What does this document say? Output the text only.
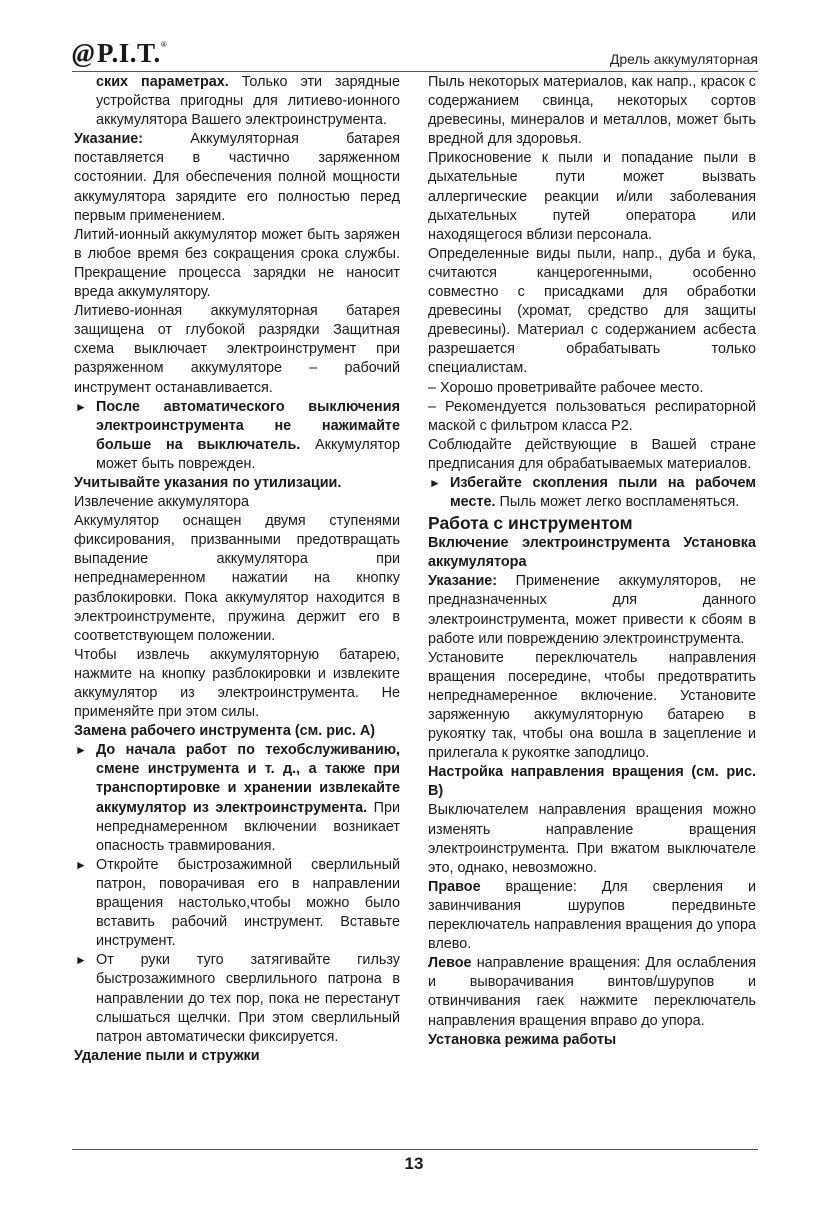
@P.I.T.®
Дрель аккумуляторная

ских параметрах. Только эти зарядные устройства пригодны для литиево-ионного аккумулятора Вашего электроинструмента.

Указание: Аккумуляторная батарея поставляется в частично заряженном состоянии. Для обеспечения полной мощности аккумулятора зарядите его полностью перед первым применением.

Литий-ионный аккумулятор может быть заряжен в любое время без сокращения срока службы. Прекращение процесса зарядки не наносит вреда аккумулятору.

Литиево-ионная аккумуляторная батарея защищена от глубокой разрядки Защитная схема выключает электроинструмент при разряженном аккумуляторе – рабочий инструмент останавливается.

► После автоматического выключения электроинструмента не нажимайте больше на выключатель. Аккумулятор может быть поврежден.

Учитывайте указания по утилизации.

Извлечение аккумулятора

Аккумулятор оснащен двумя ступенями фиксирования, призванными предотвращать выпадение аккумулятора при непреднамеренном нажатии на кнопку разблокировки. Пока аккумулятор находится в электроинструменте, пружина держит его в соответствующем положении.

Чтобы извлечь аккумуляторную батарею, нажмите на кнопку разблокировки и извлеките аккумулятор из электроинструмента. Не применяйте при этом силы.

Замена рабочего инструмента (см. рис. А)

► До начала работ по техобслуживанию, смене инструмента и т. д., а также при транспортировке и хранении извлекайте аккумулятор из электроинструмента. При непреднамеренном включении возникает опасность травмирования.

► Откройте быстрозажимной сверлильный патрон, поворачивая его в направлении вращения настолько,чтобы можно было вставить рабочий инструмент. Вставьте инструмент.

► От руки туго затягивайте гильзу быстрозажимного сверлильного патрона в направлении до тех пор, пока не перестанут слышаться щелчки. При этом сверлильный патрон автоматически фиксируется.

Удаление пыли и стружки

Пыль некоторых материалов, как напр., красок с содержанием свинца, некоторых сортов древесины, минералов и металлов, может быть вредной для здоровья.

Прикосновение к пыли и попадание пыли в дыхательные пути может вызвать аллергические реакции и/или заболевания дыхательных путей оператора или находящегося вблизи персонала.

Определенные виды пыли, напр., дуба и бука, считаются канцерогенными, особенно совместно с присадками для обработки древесины (хромат, средство для защиты древесины). Материал с содержанием асбеста разрешается обрабатывать только специалистам.

– Хорошо проветривайте рабочее место.

– Рекомендуется пользоваться респираторной маской с фильтром класса Р2.

Соблюдайте действующие в Вашей стране предписания для обрабатываемых материалов.

► Избегайте скопления пыли на рабочем месте. Пыль может легко воспламеняться.

Работа с инструментом

Включение электроинструмента Установка аккумулятора

Указание: Применение аккумуляторов, не предназначенных для данного электроинструмента, может привести к сбоям в работе или повреждению электроинструмента.

Установите переключатель направления вращения посередине, чтобы предотвратить непреднамеренное включение. Установите заряженную аккумуляторную батарею в рукоятку так, чтобы она вошла в зацепление и прилегала к рукоятке заподлицо.

Настройка направления вращения (см. рис. В)

Выключателем направления вращения можно изменять направление вращения электроинструмента. При вжатом выключателе это, однако, невозможно.

Правое вращение: Для сверления и завинчивания шурупов передвиньте переключатель направления вращения до упора влево.

Левое направление вращения: Для ослабления и выворачивания винтов/шурупов и отвинчивания гаек нажмите переключатель направления вращения вправо до упора.

Установка режима работы

13
